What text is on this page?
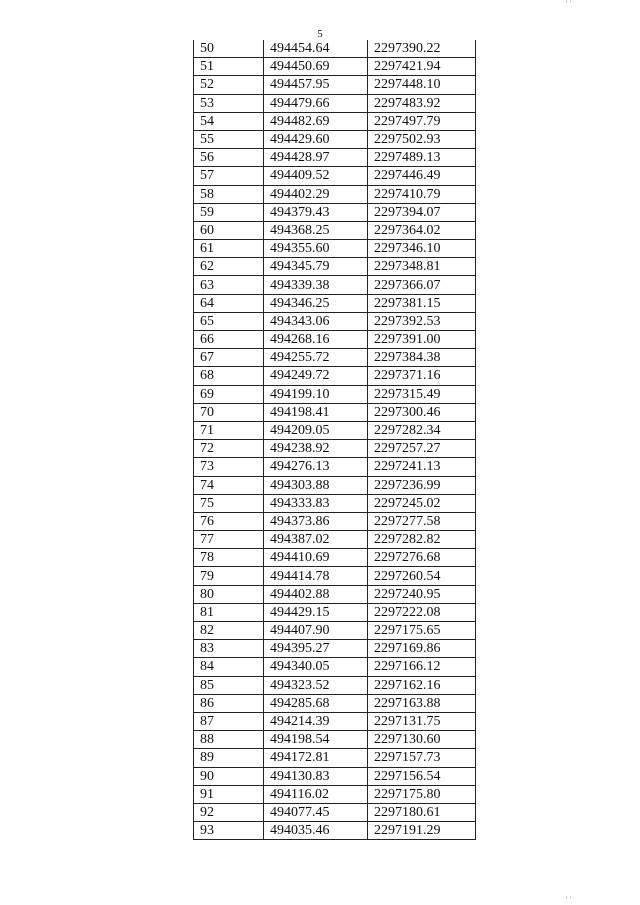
' '
5
50	494454.64	2297390.22
51	494450.69	2297421.94
52	494457.95	2297448.10
53	494479.66	2297483.92
54	494482.69	2297497.79
55	494429.60	2297502.93
56	494428.97	2297489.13
57	494409.52	2297446.49
58	494402.29	2297410.79
59	494379.43	2297394.07
60	494368.25	2297364.02
61	494355.60	2297346.10
62	494345.79	2297348.81
63	494339.38	2297366.07
64	494346.25	2297381.15
65	494343.06	2297392.53
66	494268.16	2297391.00
67	494255.72	2297384.38
68	494249.72	2297371.16
69	494199.10	2297315.49
70	494198.41	2297300.46
71	494209.05	2297282.34
72	494238.92	2297257.27
73	494276.13	2297241.13
74	494303.88	2297236.99
75	494333.83	2297245.02
76	494373.86	2297277.58
77	494387.02	2297282.82
78	494410.69	2297276.68
79	494414.78	2297260.54
80	494402.88	2297240.95
81	494429.15	2297222.08
82	494407.90	2297175.65
83	494395.27	2297169.86
84	494340.05	2297166.12
85	494323.52	2297162.16
86	494285.68	2297163.88
87	494214.39	2297131.75
88	494198.54	2297130.60
89	494172.81	2297157.73
90	494130.83	2297156.54
91	494116.02	2297175.80
92	494077.45	2297180.61
93	494035.46	2297191.29
' '
